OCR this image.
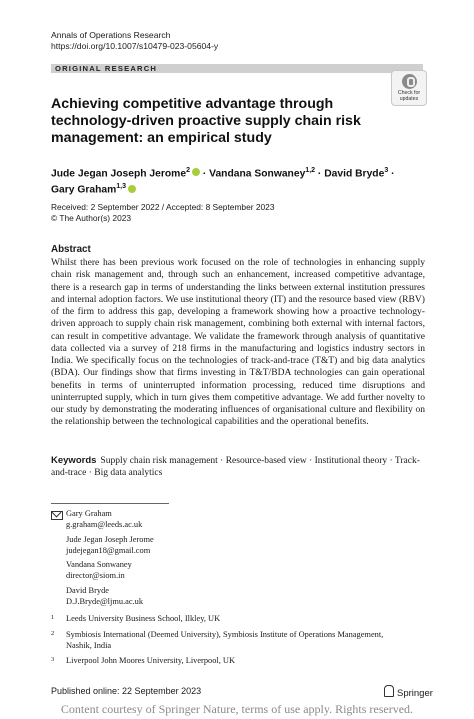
Annals of Operations Research
https://doi.org/10.1007/s10479-023-05604-y
ORIGINAL RESEARCH
Check for
updates
Achieving competitive advantage through technology-driven proactive supply chain risk management: an empirical study
Jude Jegan Joseph Jerome$^2$ · Vandana Sonwaney$^{1,2}$ · David Bryde$^3$ ·
Gary Graham$^{1,3}$
Received: 2 September 2022 / Accepted: 8 September 2023
© The Author(s) 2023
Abstract
Whilst there has been previous work focused on the role of technologies in enhancing supply chain risk management and, through such an enhancement, increased competitive advantage, there is a research gap in terms of understanding the links between external institution pressures and internal adoption factors. We use institutional theory (IT) and the resource based view (RBV) of the firm to address this gap, developing a framework showing how a proactive technology-driven approach to supply chain risk management, combining both external with internal factors, can result in competitive advantage. We validate the framework through analysis of quantitative data collected via a survey of 218 firms in the manufacturing and logistics industry sectors in India. We specifically focus on the technologies of track-and-trace (T&T) and big data analytics (BDA). Our findings show that firms investing in T&T/BDA technologies can gain operational benefits in terms of uninterrupted information processing, reduced time disruptions and uninterrupted supply, which in turn gives them competitive advantage. We add further novelty to our study by demonstrating the moderating influences of organisational culture and flexibility on the relationship between the technological capabilities and the operational benefits.
Keywords Supply chain risk management · Resource-based view · Institutional theory · Track-and-trace · Big data analytics
Gary Graham
g.graham@leeds.ac.uk
Jude Jegan Joseph Jerome
judejegan18@gmail.com
Vandana Sonwaney
director@siom.in
David Bryde
D.J.Bryde@ljmu.ac.uk
1 Leeds University Business School, Ilkley, UK
2 Symbiosis International (Deemed University), Symbiosis Institute of Operations Management,
Nashik, India
3 Liverpool John Moores University, Liverpool, UK
Published online: 22 September 2023	Springer
Content courtesy of Springer Nature, terms of use apply. Rights reserved.
